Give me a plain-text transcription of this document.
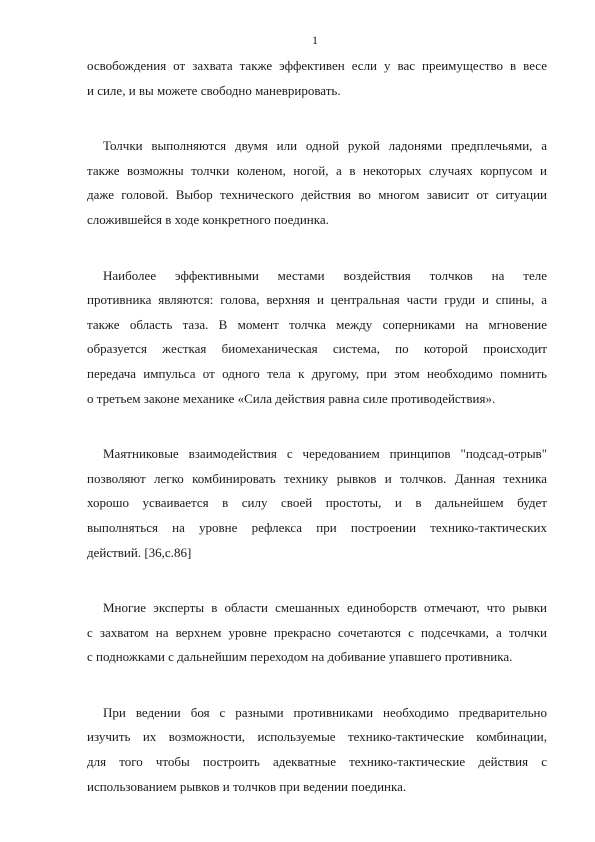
1

освобождения от захвата также эффективен если у вас преимущество в весе
и силе, и вы можете свободно маневрировать.

Толчки выполняются двумя или одной рукой ладонями предплечьями, а
также возможны толчки коленом, ногой, а в некоторых случаях корпусом и
даже головой. Выбор технического действия во многом зависит от ситуации
сложившейся в ходе конкретного поединка.

Наиболее эффективными местами воздействия толчков на теле
противника являются: голова, верхняя и центральная части груди и спины, а
также область таза. В момент толчка между соперниками на мгновение
образуется жесткая биомеханическая система, по которой происходит
передача импульса от одного тела к другому, при этом необходимо помнить
о третьем законе механике «Сила действия равна силе противодействия».

Маятниковые взаимодействия с чередованием принципов "подсад-отрыв"
позволяют легко комбинировать технику рывков и толчков. Данная техника
хорошо усваивается в силу своей простоты, и в дальнейшем будет
выполняться на уровне рефлекса при построении технико-тактических
действий. [36,с.86]

Многие эксперты в области смешанных единоборств отмечают, что рывки
с захватом на верхнем уровне прекрасно сочетаются с подсечками, а толчки
с подножками с дальнейшим переходом на добивание упавшего противника.

При ведении боя с разными противниками необходимо предварительно
изучить их возможности, используемые технико-тактические комбинации,
для того чтобы построить адекватные технико-тактические действия с
использованием рывков и толчков при ведении поединка.
